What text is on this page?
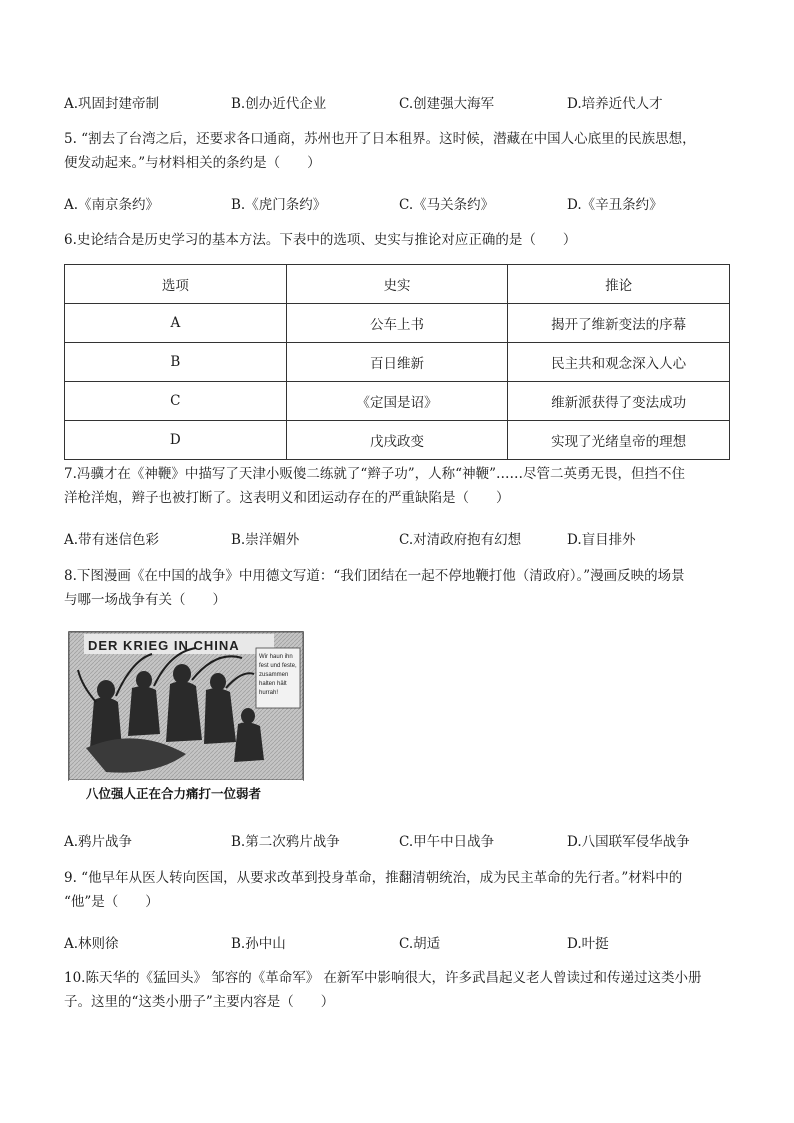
A.巩固封建帝制	B.创办近代企业	C.创建强大海军	D.培养近代人才
5. “割去了台湾之后，还要求各口通商，苏州也开了日本租界。这时候，潜藏在中国人心底里的民族思想，
便发动起来。”与材料相关的条约是（　　）
A.《南京条约》	B.《虎门条约》	C.《马关条约》	D.《辛丑条约》
6.史论结合是历史学习的基本方法。下表中的选项、史实与推论对应正确的是（　　）
选项	史实	推论
A	公车上书	揭开了维新变法的序幕
B	百日维新	民主共和观念深入人心
C	《定国是诏》	维新派获得了变法成功
D	戊戌政变	实现了光绪皇帝的理想
7.冯骥才在《神鞭》中描写了天津小贩傻二练就了“辫子功”，人称“神鞭”……尽管二英勇无畏，但挡不住
洋枪洋炮，辫子也被打断了。这表明义和团运动存在的严重缺陷是（　　）
A.带有迷信色彩	B.崇洋媚外	C.对清政府抱有幻想	D.盲目排外
8.下图漫画《在中国的战争》中用德文写道：“我们团结在一起不停地鞭打他（清政府）。”漫画反映的场景
与哪一场战争有关（　　）
DER KRIEG IN CHINA
Wir haun ihn fest und feste, zusammen halten hält hurrah!
八位强人正在合力痛打一位弱者
A.鸦片战争	B.第二次鸦片战争	C.甲午中日战争	D.八国联军侵华战争
9. “他早年从医人转向医国，从要求改革到投身革命，推翻清朝统治，成为民主革命的先行者。”材料中的
“他”是（　　）
A.林则徐	B.孙中山	C.胡适	D.叶挺
10.陈天华的《猛回头》 邹容的《革命军》 在新军中影响很大，许多武昌起义老人曾读过和传递过这类小册
子。这里的“这类小册子”主要内容是（　　）
